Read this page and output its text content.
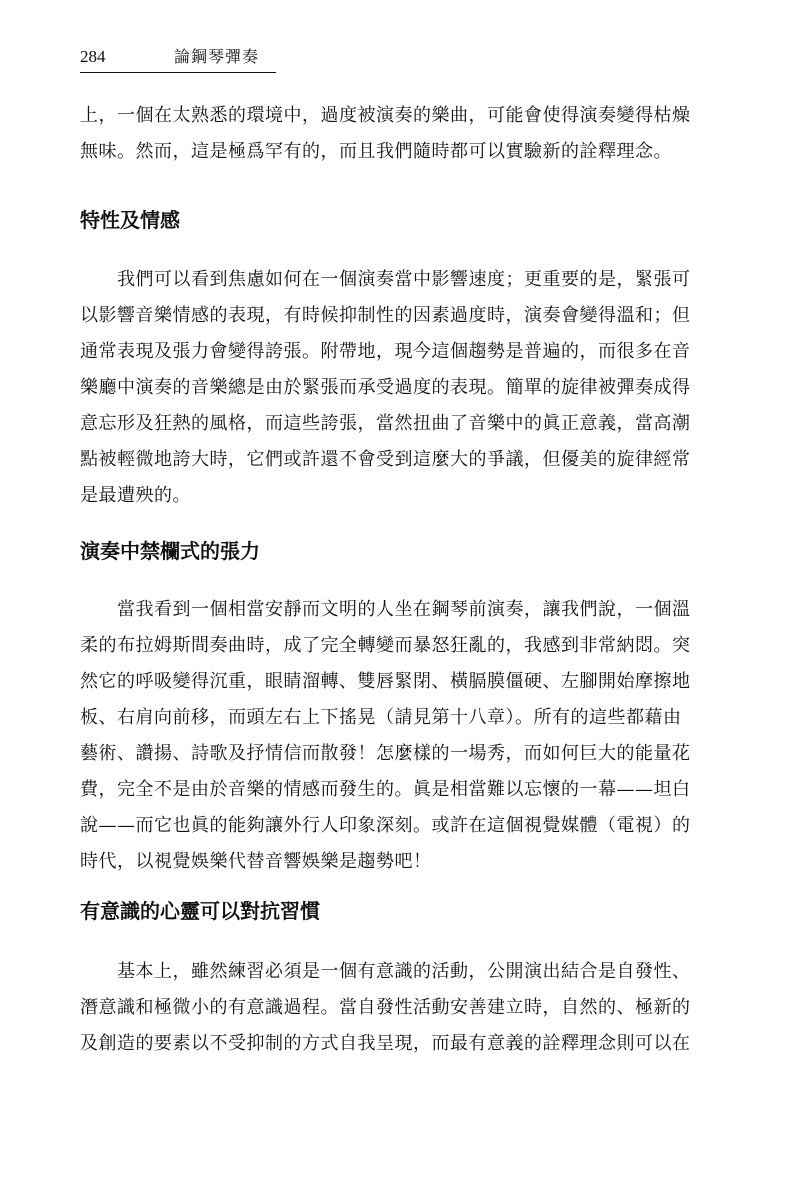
284	論鋼琴彈奏
上，一個在太熟悉的環境中，過度被演奏的樂曲，可能會使得演奏變得枯燥
無味。然而，這是極爲罕有的，而且我們隨時都可以實驗新的詮釋理念。
特性及情感
　　我們可以看到焦慮如何在一個演奏當中影響速度；更重要的是，緊張可
以影響音樂情感的表現，有時候抑制性的因素過度時，演奏會變得溫和；但
通常表現及張力會變得誇張。附帶地，現今這個趨勢是普遍的，而很多在音
樂廳中演奏的音樂總是由於緊張而承受過度的表現。簡單的旋律被彈奏成得
意忘形及狂熱的風格，而這些誇張，當然扭曲了音樂中的眞正意義，當高潮
點被輕微地誇大時，它們或許還不會受到這麼大的爭議，但優美的旋律經常
是最遭殃的。
演奏中禁欄式的張力
　　當我看到一個相當安靜而文明的人坐在鋼琴前演奏，讓我們說，一個溫
柔的布拉姆斯間奏曲時，成了完全轉變而暴怒狂亂的，我感到非常納悶。突
然它的呼吸變得沉重，眼睛溜轉、雙唇緊閉、橫膈膜僵硬、左腳開始摩擦地
板、右肩向前移，而頭左右上下搖晃（請見第十八章）。所有的這些都藉由
藝術、讚揚、詩歌及抒情信而散發！怎麼樣的一場秀，而如何巨大的能量花
費，完全不是由於音樂的情感而發生的。眞是相當難以忘懷的一幕——坦白
說——而它也眞的能夠讓外行人印象深刻。或許在這個視覺媒體（電視）的
時代，以視覺娛樂代替音響娛樂是趨勢吧！
有意識的心靈可以對抗習慣
　　基本上，雖然練習必須是一個有意識的活動，公開演出結合是自發性、
潛意識和極微小的有意識過程。當自發性活動安善建立時，自然的、極新的
及創造的要素以不受抑制的方式自我呈現，而最有意義的詮釋理念則可以在
